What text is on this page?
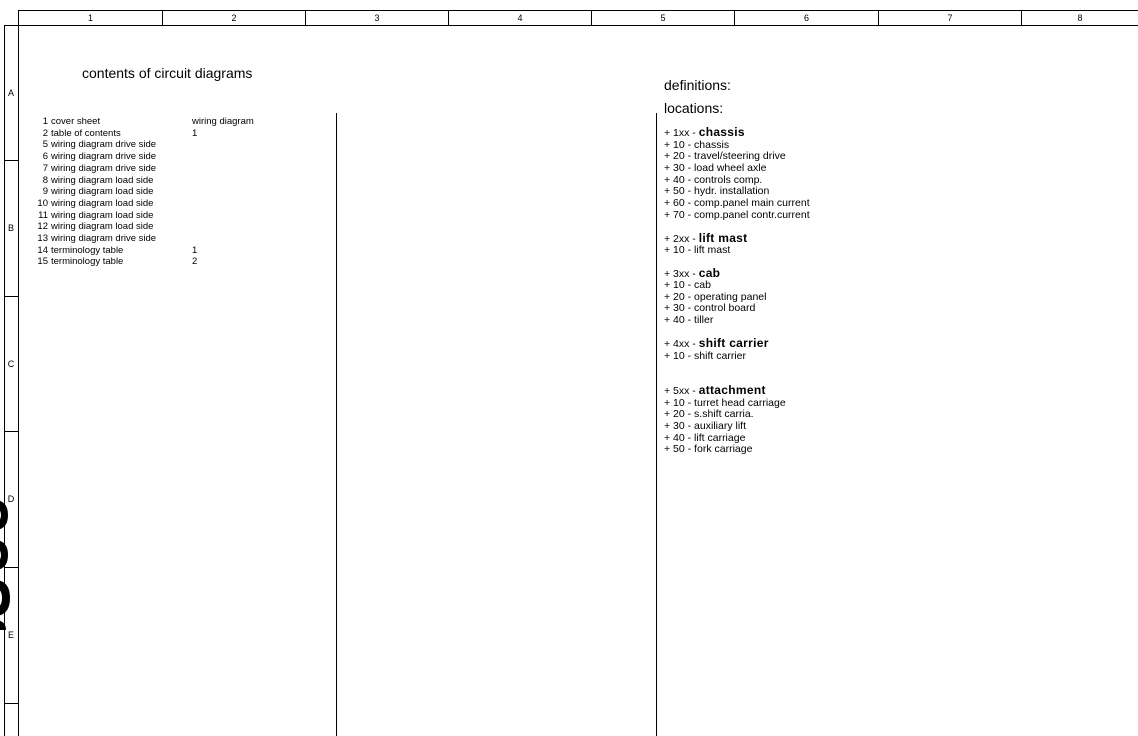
1	2	3	4	5	6	7	8
A
B
C
D
E
contents of circuit diagrams
wiring diagram
1 cover sheet
2 table of contents	1
5 wiring diagram drive side
6 wiring diagram drive side
7 wiring diagram drive side
8 wiring diagram load side
9 wiring diagram load side
10 wiring diagram load side
11 wiring diagram load side
12 wiring diagram load side
13 wiring diagram drive side
14 terminology table	1
15 terminology table	2
definitions:
locations:
+ 1xx - chassis
+ 10 - chassis
+ 20 - travel/steering drive
+ 30 - load wheel axle
+ 40 - controls comp.
+ 50 - hydr. installation
+ 60 - comp.panel main current
+ 70 - comp.panel contr.current
+ 2xx - lift mast
+ 10 - lift mast
+ 3xx - cab
+ 10 - cab
+ 20 - operating panel
+ 30 - control board
+ 40 - tiller
+ 4xx - shift carrier
+ 10 - shift carrier
+ 5xx - attachment
+ 10 - turret head carriage
+ 20 - s.shift carria.
+ 30 - auxiliary lift
+ 40 - lift carriage
+ 50 - fork carriage
